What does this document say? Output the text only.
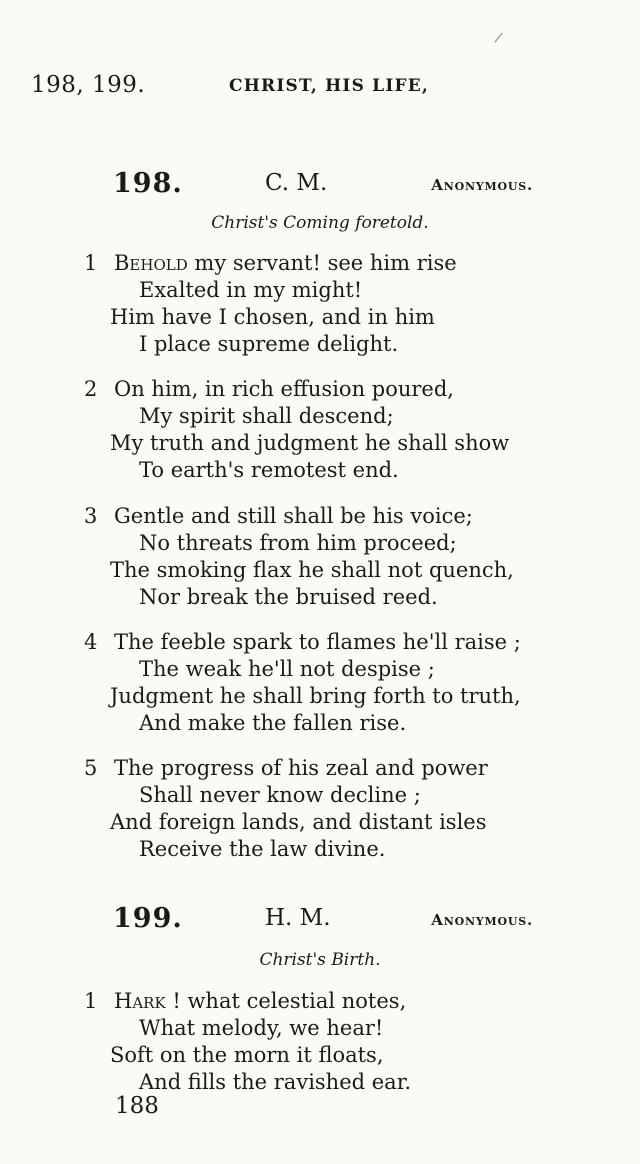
/
198, 199.	CHRIST, HIS LIFE,
198.	C. M.	Anonymous.
Christ's Coming foretold.
1 Behold my servant! see him rise
Exalted in my might!
Him have I chosen, and in him
I place supreme delight.
2 On him, in rich effusion poured,
My spirit shall descend;
My truth and judgment he shall show
To earth's remotest end.
3 Gentle and still shall be his voice;
No threats from him proceed;
The smoking flax he shall not quench,
Nor break the bruised reed.
4 The feeble spark to flames he'll raise ;
The weak he'll not despise ;
Judgment he shall bring forth to truth,
And make the fallen rise.
5 The progress of his zeal and power
Shall never know decline ;
And foreign lands, and distant isles
Receive the law divine.
199.	H. M.	Anonymous.
Christ's Birth.
1 Hark ! what celestial notes,
What melody, we hear!
Soft on the morn it floats,
And fills the ravished ear.
188
